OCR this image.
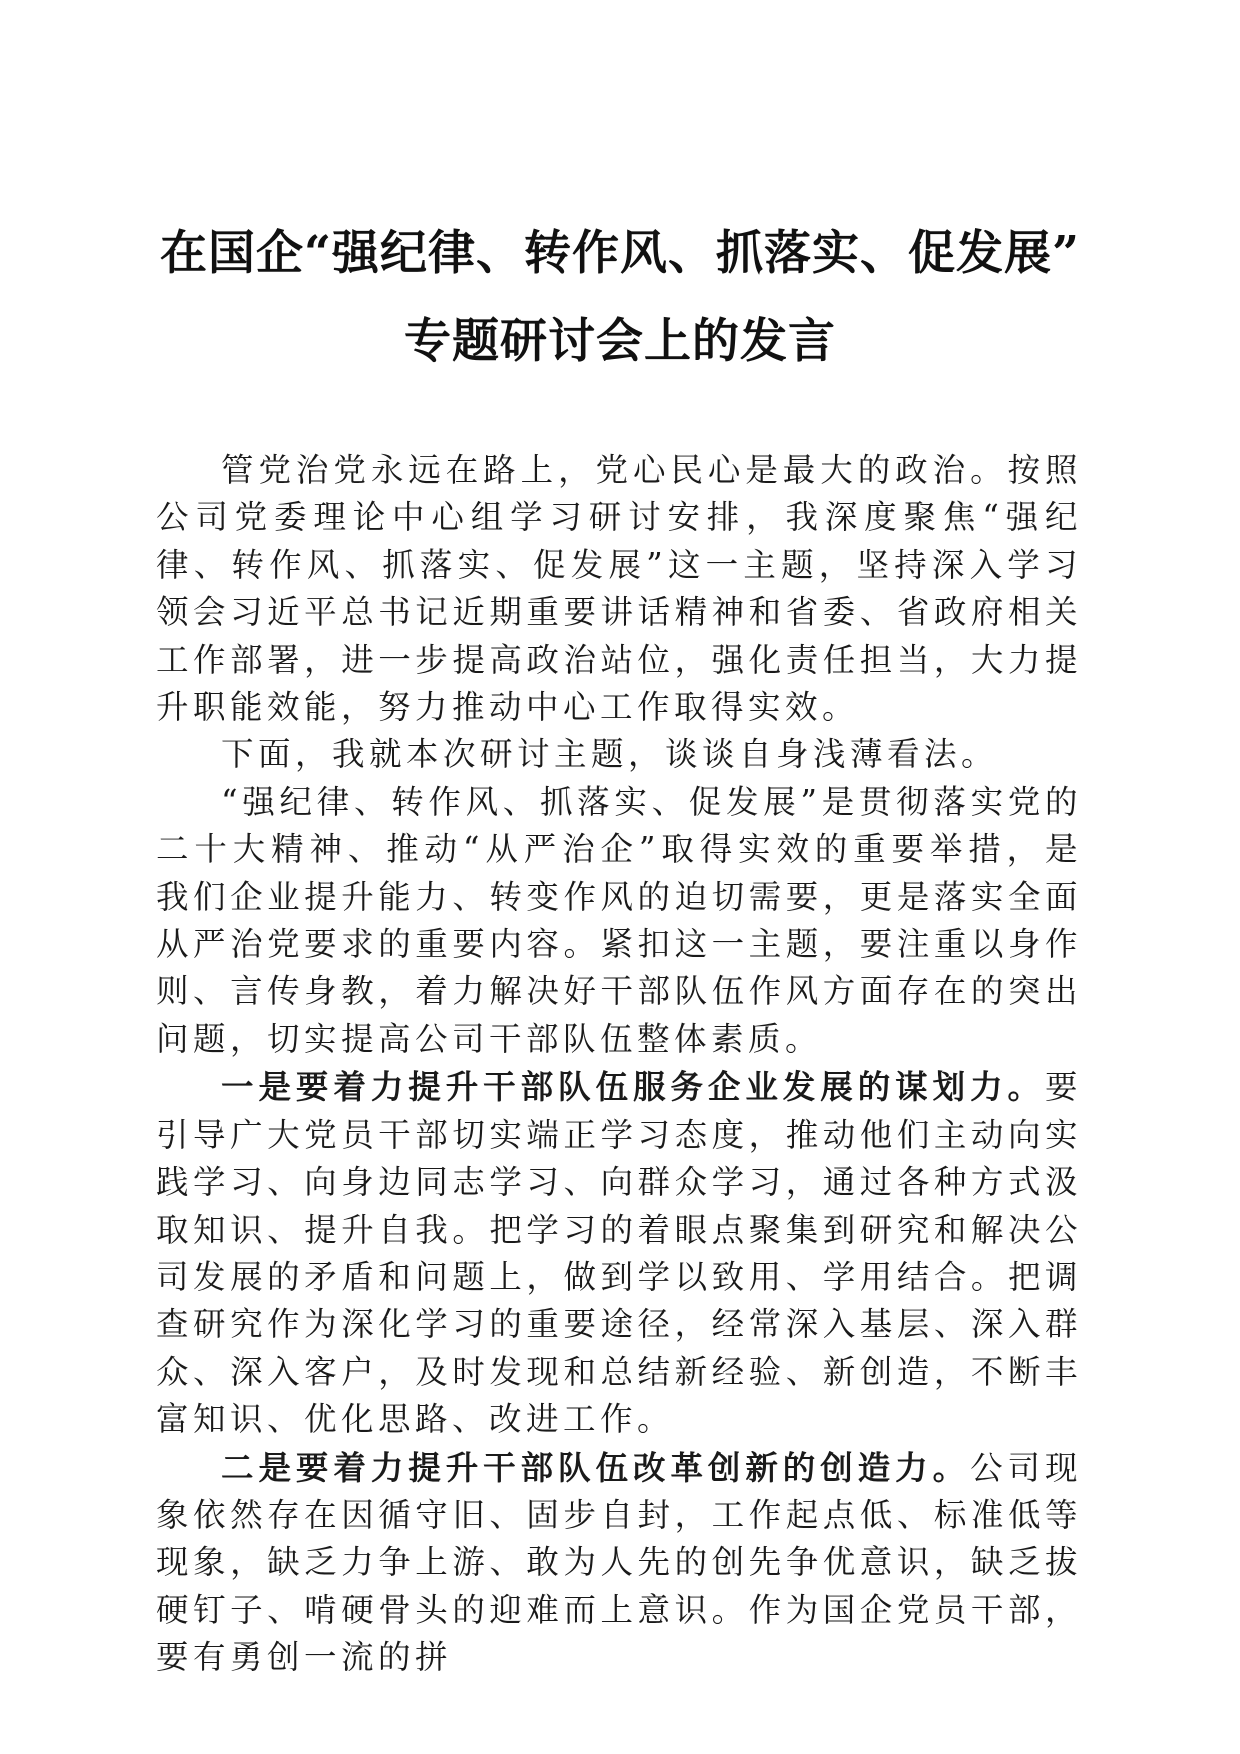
在国企“强纪律、转作风、抓落实、促发展”
专题研讨会上的发言

管党治党永远在路上，党心民心是最大的政治。按照公司党委理论中心组学习研讨安排，我深度聚焦“强纪律、转作风、抓落实、促发展”这一主题，坚持深入学习领会习近平总书记近期重要讲话精神和省委、省政府相关工作部署，进一步提高政治站位，强化责任担当，大力提升职能效能，努力推动中心工作取得实效。

下面，我就本次研讨主题，谈谈自身浅薄看法。

“强纪律、转作风、抓落实、促发展”是贯彻落实党的二十大精神、推动“从严治企”取得实效的重要举措，是我们企业提升能力、转变作风的迫切需要，更是落实全面从严治党要求的重要内容。紧扣这一主题，要注重以身作则、言传身教，着力解决好干部队伍作风方面存在的突出问题，切实提高公司干部队伍整体素质。

一是要着力提升干部队伍服务企业发展的谋划力。要引导广大党员干部切实端正学习态度，推动他们主动向实践学习、向身边同志学习、向群众学习，通过各种方式汲取知识、提升自我。把学习的着眼点聚集到研究和解决公司发展的矛盾和问题上，做到学以致用、学用结合。把调查研究作为深化学习的重要途径，经常深入基层、深入群众、深入客户，及时发现和总结新经验、新创造，不断丰富知识、优化思路、改进工作。

二是要着力提升干部队伍改革创新的创造力。公司现象依然存在因循守旧、固步自封，工作起点低、标准低等现象，缺乏力争上游、敢为人先的创先争优意识，缺乏拔硬钉子、啃硬骨头的迎难而上意识。作为国企党员干部，要有勇创一流的拼
